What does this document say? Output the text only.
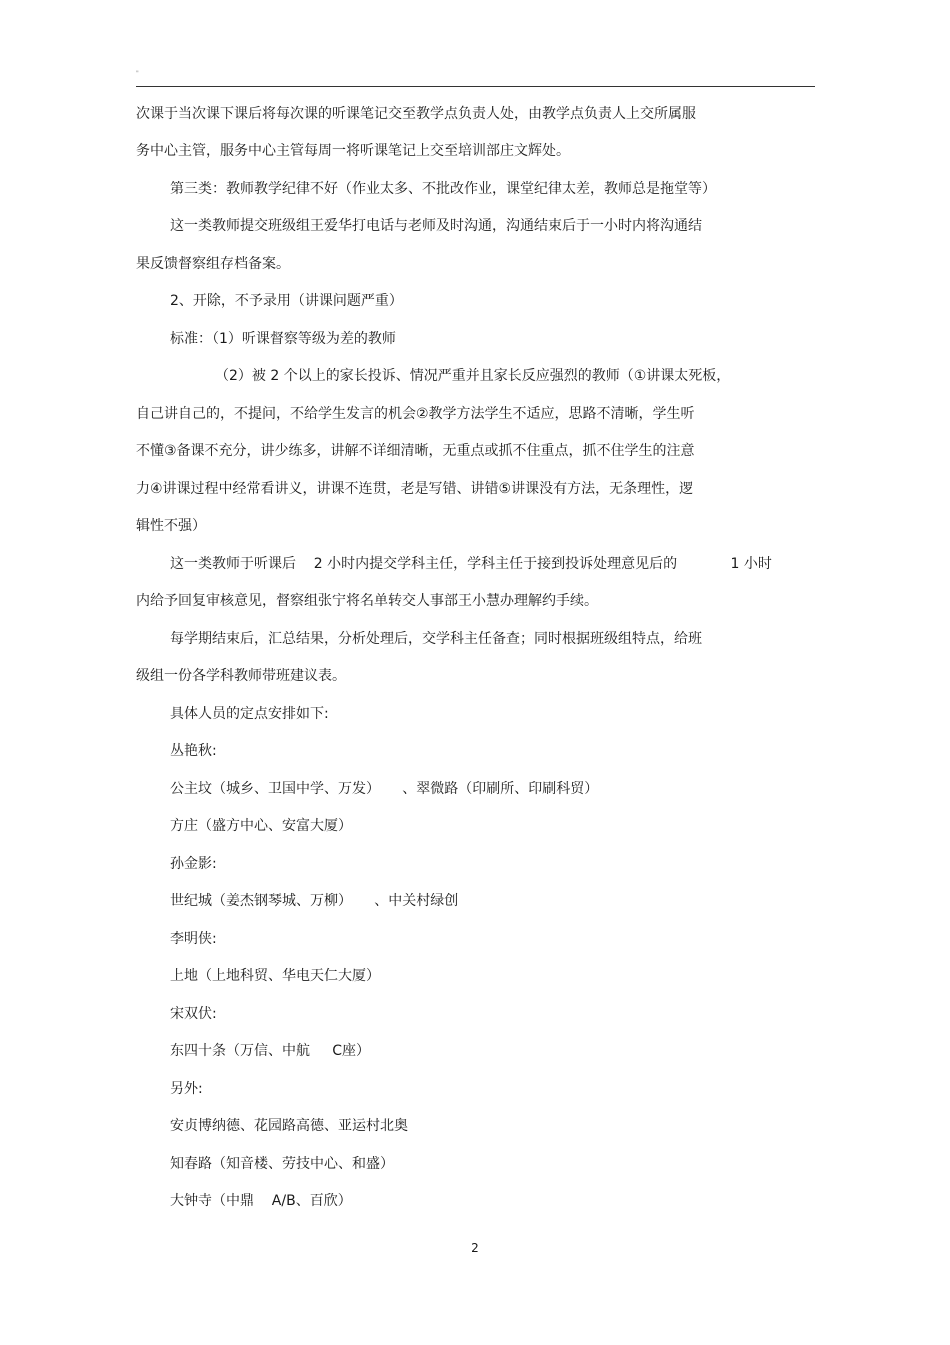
"
次课于当次课下课后将每次课的听课笔记交至教学点负责人处，由教学点负责人上交所属服
务中心主管，服务中心主管每周一将听课笔记上交至培训部庄文辉处。
第三类：教师教学纪律不好（作业太多、不批改作业，课堂纪律太差，教师总是拖堂等）
这一类教师提交班级组王爱华打电话与老师及时沟通，沟通结束后于一小时内将沟通结
果反馈督察组存档备案。
2、开除，不予录用（讲课问题严重）
标准：（1）听课督察等级为差的教师
（2）被 2 个以上的家长投诉、情况严重并且家长反应强烈的教师（①讲课太死板，
自己讲自己的，不提问，不给学生发言的机会②教学方法学生不适应，思路不清晰，学生听
不懂③备课不充分，讲少练多，讲解不详细清晰，无重点或抓不住重点，抓不住学生的注意
力④讲课过程中经常看讲义，讲课不连贯，老是写错、讲错⑤讲课没有方法，无条理性，逻
辑性不强）
这一类教师于听课后    2 小时内提交学科主任，学科主任于接到投诉处理意见后的            1 小时
内给予回复审核意见，督察组张宁将名单转交人事部王小慧办理解约手续。
每学期结束后，汇总结果，分析处理后，交学科主任备查；同时根据班级组特点，给班
级组一份各学科教师带班建议表。
具体人员的定点安排如下:
丛艳秋:
公主坟（城乡、卫国中学、万发）     、翠微路（印刷所、印刷科贸）
方庄（盛方中心、安富大厦）
孙金影:
世纪城（姜杰钢琴城、万柳）     、中关村绿创
李明侠:
上地（上地科贸、华电天仁大厦）
宋双伏:
东四十条（万信、中航     C座）
另外:
安贞博纳德、花园路高德、亚运村北奥
知春路（知音楼、劳技中心、和盛）
大钟寺（中鼎    A/B、百欣）
2
